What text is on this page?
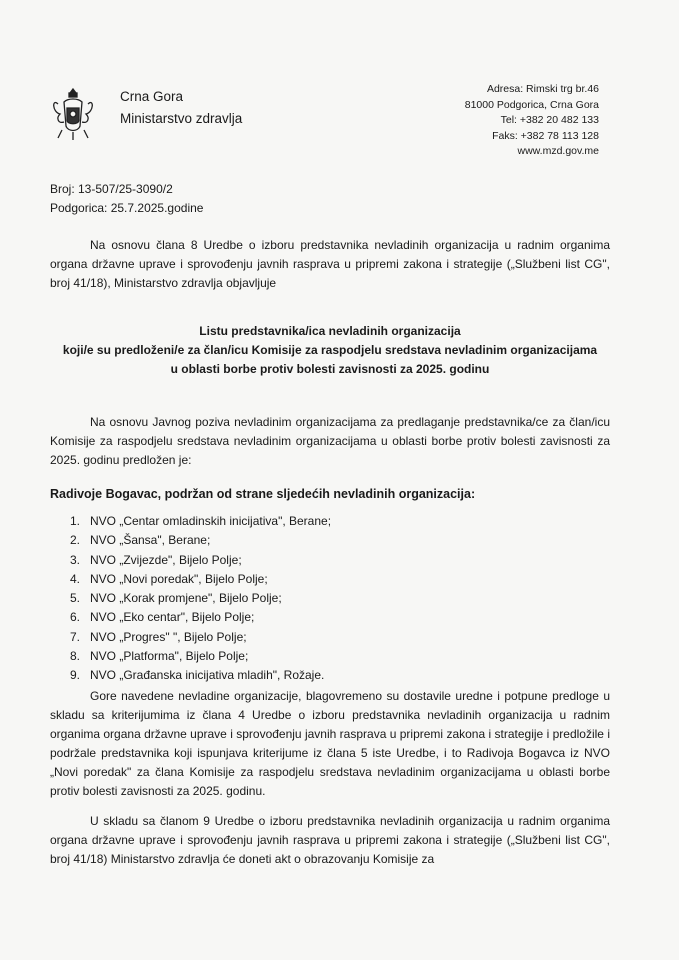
Crna Gora
Ministarstvo zdravlja
Adresa: Rimski trg br.46
81000 Podgorica, Crna Gora
Tel: +382 20 482 133
Faks: +382 78 113 128
www.mzd.gov.me
Broj: 13-507/25-3090/2
Podgorica: 25.7.2025.godine
Na osnovu člana 8 Uredbe o izboru predstavnika nevladinih organizacija u radnim organima organa državne uprave i sprovođenju javnih rasprava u pripremi zakona i strategije („Službeni list CG", broj 41/18), Ministarstvo zdravlja objavljuje
Listu predstavnika/ica nevladinih organizacija
koji/e su predloženi/e za član/icu Komisije za raspodjelu sredstava nevladinim organizacijama
u oblasti borbe protiv bolesti zavisnosti za 2025. godinu
Na osnovu Javnog poziva nevladinim organizacijama za predlaganje predstavnika/ce za član/icu Komisije za raspodjelu sredstava nevladinim organizacijama u oblasti borbe protiv bolesti zavisnosti za 2025. godinu predložen je:
Radivoje Bogavac, podržan od strane sljedećih nevladinih organizacija:
1. NVO „Centar omladinskih inicijativa", Berane;
2. NVO „Šansa", Berane;
3. NVO „Zvijezde", Bijelo Polje;
4. NVO „Novi poredak", Bijelo Polje;
5. NVO „Korak promjene", Bijelo Polje;
6. NVO „Eko centar", Bijelo Polje;
7. NVO „Progres" ", Bijelo Polje;
8. NVO „Platforma", Bijelo Polje;
9. NVO „Građanska inicijativa mladih", Rožaje.
Gore navedene nevladine organizacije, blagovremeno su dostavile uredne i potpune predloge u skladu sa kriterijumima iz člana 4 Uredbe o izboru predstavnika nevladinih organizacija u radnim organima organa državne uprave i sprovođenju javnih rasprava u pripremi zakona i strategije i predložile i podržale predstavnika koji ispunjava kriterijume iz člana 5 iste Uredbe, i to Radivoja Bogavca iz NVO „Novi poredak" za člana Komisije za raspodjelu sredstava nevladinim organizacijama u oblasti borbe protiv bolesti zavisnosti za 2025. godinu.
U skladu sa članom 9 Uredbe o izboru predstavnika nevladinih organizacija u radnim organima organa državne uprave i sprovođenju javnih rasprava u pripremi zakona i strategije („Službeni list CG", broj 41/18) Ministarstvo zdravlja će doneti akt o obrazovanju Komisije za
